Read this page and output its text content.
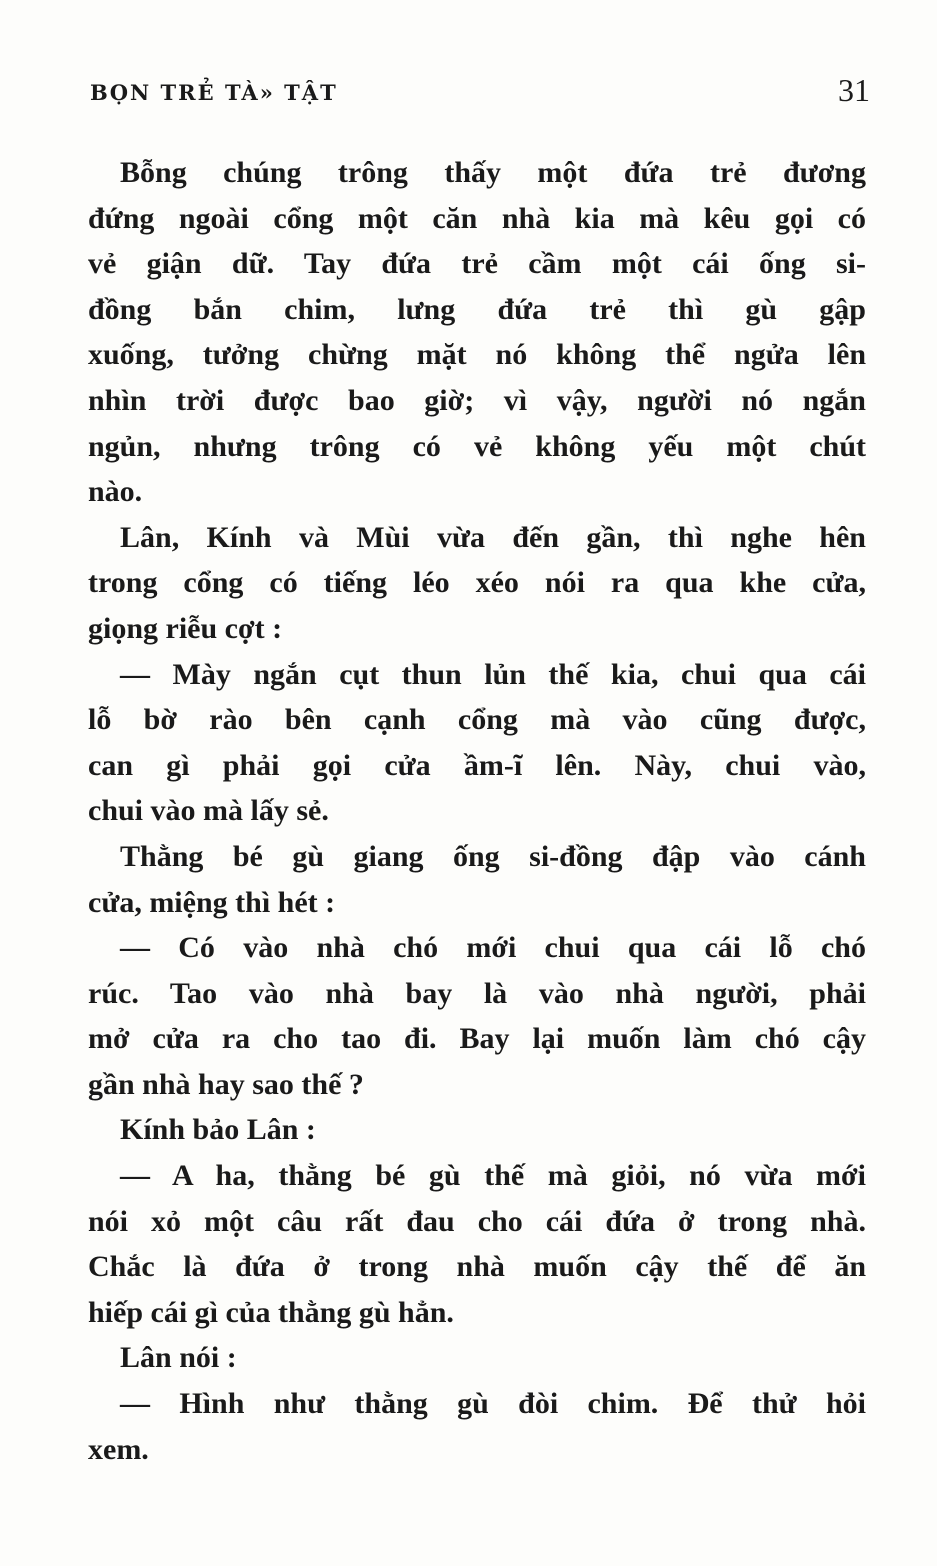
BỌN TRẺ TÀ» TẬT	31
Bỗng chúng trông thấy một đứa trẻ đương
đứng ngoài cổng một căn nhà kia mà kêu gọi có
vẻ giận dữ. Tay đứa trẻ cầm một cái ống si-
đồng bắn chim, lưng đứa trẻ thì gù gập
xuống, tưởng chừng mặt nó không thể ngửa lên
nhìn trời được bao giờ; vì vậy, người nó ngắn
ngủn, nhưng trông có vẻ không yếu một chút
nào.
Lân, Kính và Mùi vừa đến gần, thì nghe hên
trong cổng có tiếng léo xéo nói ra qua khe cửa,
giọng riễu cợt :
— Mày ngắn cụt thun lủn thế kia, chui qua cái
lỗ bờ rào bên cạnh cổng mà vào cũng được,
can gì phải gọi cửa ầm-ĩ lên. Này, chui vào,
chui vào mà lấy sẻ.
Thằng bé gù giang ống si-đồng đập vào cánh
cửa, miệng thì hét :
— Có vào nhà chó mới chui qua cái lỗ chó
rúc. Tao vào nhà bay là vào nhà người, phải
mở cửa ra cho tao đi. Bay lại muốn làm chó cậy
gần nhà hay sao thế ?
Kính bảo Lân :
— A ha, thằng bé gù thế mà giỏi, nó vừa mới
nói xỏ một câu rất đau cho cái đứa ở trong nhà.
Chắc là đứa ở trong nhà muốn cậy thế để ăn
hiếp cái gì của thằng gù hẳn.
Lân nói :
— Hình như thằng gù đòi chim. Để thử hỏi
xem.
